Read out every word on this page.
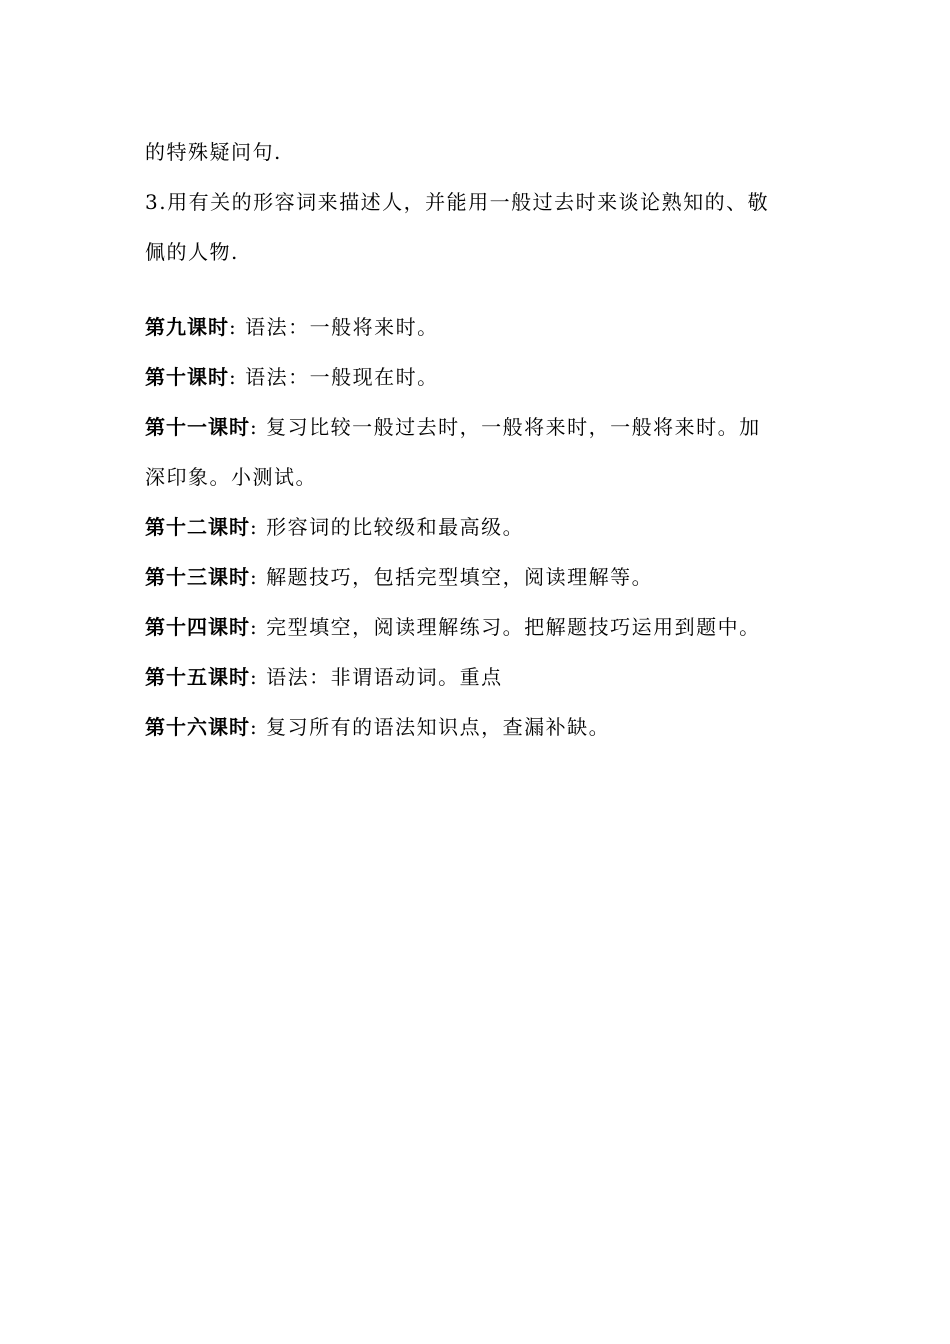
的特殊疑问句.
3.用有关的形容词来描述人，并能用一般过去时来谈论熟知的、敬
佩的人物.
第九课时: 语法：一般将来时。
第十课时: 语法：一般现在时。
第十一课时: 复习比较一般过去时，一般将来时，一般将来时。加
深印象。小测试。
第十二课时: 形容词的比较级和最高级。
第十三课时: 解题技巧，包括完型填空，阅读理解等。
第十四课时: 完型填空，阅读理解练习。把解题技巧运用到题中。
第十五课时: 语法：非谓语动词。重点
第十六课时: 复习所有的语法知识点，查漏补缺。
